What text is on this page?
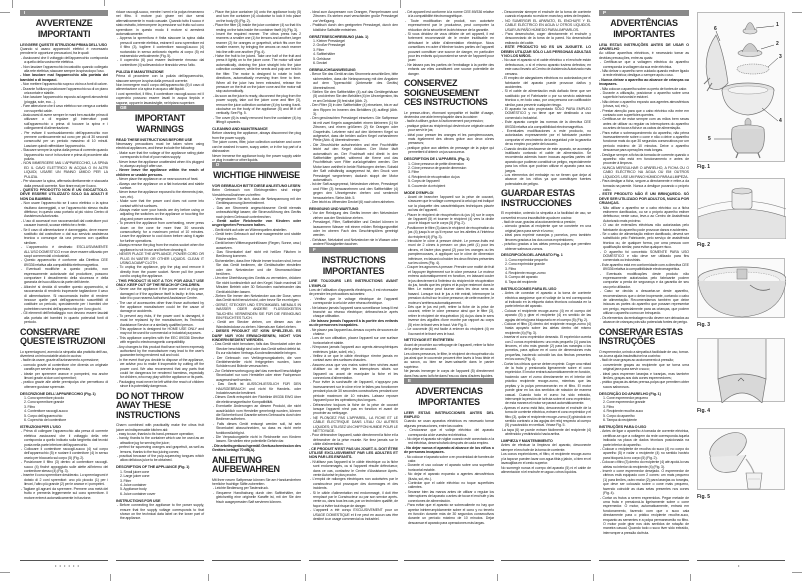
I
AVVERTENZE IMPORTANTI
LEGGERE QUESTE ISTRUZIONI PRIMA DELL'USO
Quando si usano apparecchi elettrici è necessario prendere le opportune precauzioni, fra le quali:
- Assicurarsi che il voltaggio dell'apparecchio corrisponda a quello della vostra rete elettrica.
- Non lasciare l'apparecchio incustodito quando collegato alla rete elettrica; staccare sempre la spina dopo l'uso.
- Non lasciare mai l'apparecchio alla portata dei bambini o di incapaci.
- Non mettere l'apparecchio sopra o vicino a fonti di calore.
- Durante l'utilizzo posizionare l'apparecchio su di un piano orizzontale e stabile.
- Non lasciare l'apparecchio esposto ad agenti atmosferici (pioggia, sole, ecc...).
- Fare attenzione che il cavo elettrico non venga a contatto con superfici calde.
- Assicurarsi di avere sempre le mani ben asciutte prima di utilizzare o di regolare gli interruttori posti sull'apparecchio o prima di toccare la spina e i collegamenti di alimentazione.
- Per evitare il surriscaldamento dell'apparecchio non premere continuamente sul cono per più di 30 secondi consecutivi per un periodo massimo di 10 minuti. Lasciare quindi raffreddare l'apparecchio.
- Staccare sempre la spina dalla presa di corrente quando l'apparecchio non è in funzione e prima di procedere alla pulizia.
- NON IMMERGERE MAI L'APPARECCHIO, LA SPINA ED IL CAVO ELETTRICO IN ACQUA O IN ALTRI LIQUIDI, USARE UN PANNO UMIDO PER LA PULIZIA.
- Per staccare la spina, afferrarla direttamente e staccarla dalla presa di corrente. Non tirare mai per il cavo.
- QUESTO PRODOTTO NON È UN GIOCATTOLO. DEVE ESSERE UTILIZZATO SOLO DA ADULTI E NON DA BAMBINI.
- Non usare l'apparecchio se il cavo elettrico o la spina risultano danneggiati, o se l'apparecchio stesso risulta difettoso; in questo caso portarlo al più vicino Centro di Assistenza Autorizzato.
- L'uso di accessori non raccomandati dal costruttore può causare incendi, scosse elettriche o ferite.
- Se il cavo di alimentazione è danneggiato, deve essere sostituito dal costruttore o dal suo servizio assistenza tecnica o comunque da una persona con qualifica similare.
- L'apparecchio è destinato ESCLUSIVAMENTE ALL'USO DOMESTICO e non deve essere utilizzato per scopi commerciali o industriali.
- Questo apparecchio è conforme alla Direttiva CEE 89/336 relativa alla compatibilità elettromagnetica.
- Eventuali modifiche a questo prodotto, non espressamente autorizzate dal produttore, possono comportare il decadimento della sicurezza e della garanzia del suo utilizzo da parte dell'utente.
- Allorché si decida di smaltire questo apparecchio, si raccomanda di renderlo inoperante tagliandone il cavo di alimentazione. Si raccomanda inoltre di rendere innocue quelle parti dell'apparecchio suscettibili di costituire un pericolo, specialmente per i bambini che potrebbero servirsi dell'apparecchio per i loro giochi.
- Gli elementi dell'imballaggio non devono essere lasciati alla portata dei bambini in quanto potenziali fonti di pericolo.
CONSERVARE QUESTE ISTRUZIONI
Lo spremiagrumi, avendo la simpatia alla praticità dell'uso, diventerà un irrinunciabile aiuto in cucina:
- facile da usare, grazie all'azionamento a pressione;
- comodo grazie al contenitore che diventa un originale caraffa per servire la spremuta;
- ideale per spremere arance e pompelmi, ma anche limoni grazie ai due coni spremitori;
- pratico grazie alle alette premipolpa che permettono di ottenere gustose spremute.
DESCRIZIONE DELL'APPARECCHIO (Fig. 1)
1. Cono spremitore piccolo
2. Cono spremitore grande
3. Filtro
4. Contenitore raccogli-succo
5. Corpo dell'apparecchio
6. Coperchio del contenitore
ISTRUZIONI PER L'USO
- Prima di collegare l'apparecchio alla presa di corrente elettrica assicurarsi che il voltaggio della rete corrisponda a quello indicato sulla targhetta dati tecnici posta nella parte inferiore dell'apparecchio.
- Collocare il contenitore raccogli-succo (4) sul corpo dell'apparecchio (5) e ruotare il contenitore (4) in senso orario per bloccarlo sul corpo (5) (Fig. 2).
- Posizionare il filtro (3) dentro al contenitore raccogli-succo (4) finché appoggiato sulle alette all'interno del contenitore stesso (4) (Fig. 3).
- Inserire il cono spremitore desiderato. Lo spremiagrumi è dotato di 2 coni spremitori: uno più piccolo (1) per i limoni, l'altro più grande (2) per le arance e i pompelmi.
- Tagliare gli agrumi da spremere. Premere una metà del frutto e premerla leggermente sul cono spremitore. Il motore entrerà automaticamente in funzione.
riduce raccogli-succo, mentre i semi e la polpa rimarranno nel filtro. Il motore può girare nei due sensi alternativamente in modo casuale. Quando tutto il succo è stato estratto, interrompere la pressione sul frutto sul cono spremitore: in questo modo il motore si arresterà automaticamente.
- Appena la spremitura è finita staccare la spina dalla presa di corrente elettrica, estrarre il cono spremitore ed il filtro (3), togliere il contenitore raccogli-succo (4) ruotandolo in senso antiorario rispetto al corpo (5) ed estraendolo verticalmente (Fig. 5).
- Il coperchio (6) può essere facilmente rimosso dal contenitore (4) sollevandolo e tirandolo verso l'alto.
PULIZIA E MANUTENZIONE
Prima di procedere con la pulizia dell'apparecchio, staccare sempre la spina dalla presa di corrente.
Non immergere mai il corpo dell'apparecchio (5) il cavo di alimentazione o la spina in acqua o altri liquidi.
I coni spremitori, il filtro, il contenitore raccogli-succo ed il coperchio possono essere lavati in acqua tiepida e sapone, oppure in lavastoviglie, nel ripiano superiore.
GB
IMPORTANT WARNINGS
READ THESE INSTRUCTIONS BEFORE USE
Necessary precautions must be taken when using electrical appliances, and these include the following:
- Make sure that the voltage of the appliance rating plate corresponds to that of your mains supply.
- Never leave the appliance unattended when it is plugged in; always unplug it after use.
- Never leave the appliance within the reach of children or unable persons.
- Never place the appliance on or near sources of heat.
- Always use the appliance on a flat horizontal and stable surface.
- Never leave the appliance exposed to the elements (rain, sun, etc).
- Make sure that the power cord does not come into contact with hot surfaces.
- Always make sure your hands are dry before using or adjusting the switches on the appliance or touching the plug and power connections.
- To prevent the appliance from overheating, never press down on the cone for more than 30 seconds consecutively, for a maximum period of 10 minutes. Leave the appliance to cool down before using it again for further operations.
- Always remove the plug from the mains socket when the appliance is not in use and before cleaning it.
- NEVER PLACE THE APPLIANCE, POWER CORD OR PLUG IN WATER OR OTHER LIQUIDS. CLEAN IT USING A DAMP CLOTH.
- To unplug the appliance, grip the plug and remove it directly from the power socket. Never pull the power cord to unplug the appliance.
- THIS PRODUCT IS NOT A TOY. FOR ADULT USE ONLY. KEEP OUT OF THE REACH OF CHILDREN.
- Never use the appliance if the power cord or plug are damaged or if the appliance itself is faulty: in this case, take it to your nearest Authorised Assistance Centre.
- The use of accessories other than those authorised by the appliance manufacturer could be the cause of damage or accidents.
- To prevent any risks, if the power cord is damaged, it must be replaced by the manufacturer, its Technical Assistance Service or a similarly qualified person.
- This appliance is designed for HOME USE ONLY and may not be used for commercial or industrial purposes.
- This appliance complies with the EEC 89/336 Directive with regard to electromagnetic compatibility.
- Any changes to this product that have not been expressly authorised by the manufacturer may lead to the user's guarantee being rendered null and void.
- In the event that you decide to dispose of the appliance, we advise you to make it inoperable by cutting off the power cord. We also recommend that any parts that could be dangerous be rendered harmless, especially for children, who may play with the appliance or its parts.
- Packaging must never be left within the reach of children since it is potentially dangerous.
DO NOT THROW AWAY THESE INSTRUCTIONS
Charm combined with practicality make the citrus fruit juicer an indispensable kitchen aid:
- easy to use, thanks to its hand-pressure operation;
- handy, thanks to the container which can be used as an attractive jug for serving the juice;
- perfect for squeezing oranges and grapefruit, as well as lemons, thanks to the two juicing cones;
- practical because of the pulp-squeezing tongues which allow delicious juice to be obtained.
DESCRIPTION OF THE APPLIANCE (Fig. 1)
1. Small juicer cone
2. Large juicer cone
3. Filter
4. Juice container
5. Appliance body
6. Juice container cover
INSTRUCTIONS FOR USE
- Before connecting the appliance to the power supply, ensure that the supply voltage corresponds to that shown on the technical data label on the lower part of the appliance.
- Place the juice container (4) onto the appliance body (5) and turn the container (4) clockwise to lock it into place on the body (5) (Fig. 2).
- Place the filter (3) inside the juice container (4) so that it is resting on the tabs inside the container itself (4) (Fig. 3).
- Insert the required reamer. The citrus press has 2 reamers: a smaller one (1) for lemons and another, larger reamer (2) for oranges or grapefruit, which fits over the smaller reamer, by bringing the arrows on each reamer into line with one another (Fig. 4).
- Halve the fruit to be juiced. Take one half of the fruit and press it lightly on to the juicer cone. The motor will start automatically, draining the juice straight into the juice collection container, while the seeds and pulp are held in the filter. The motor is designed to rotate in both directions, automatically reversing from time to time. When all the juice has been extracted, release the pressure on the fruit on the juicer cone and the motor will stop automatically.
- As soon as the juice is ready, disconnect the plug from the power supply, take out the juicer cone and filter (3), remove the juice collection container (4) by turning it anti-clockwise on the body of the appliance (5) and lift it off vertically. See Fig. 5.
- The cover (6) is easily removed from the container (4) by lifting it upwards.
CLEANING AND MAINTENANCE
Before cleaning the appliance, always disconnect the plug from the power supply.
The juicer cones, filter, juice collection container and cover can be washed in warm, soapy water, or in the top part of a dishwasher.
Never immerse the appliance body, the power supply cable or plug in water or other liquids.
D
WICHTIGE HINWEISE
VOR GEBRAUCH BITTE DIESE ANLEITUNG LESEN
Beim Gebrauch von Elektrogeräten sind einige Vorsichtsmaßnahmen zu treffen:
- Vergewissern Sie sich, dass die Netzspannung mit der Gerätespannung übereinstimmt.
- Das am Stromnetz angeschlossene Gerät niemals unbeaufsichtigt lassen; die Stromzuführung des Geräts nach jedem Gebrauch unterbrechen.
- Gerät außer Reichweite von Kindern oder ungeeigneten Personen halten.
- Gerät nicht auf oder an Wärmequellen abstellen.
- Gerät beim Gebrauch auf eine waagerechte und stabile Fläche stellen.
- Gerät keinen Witterungseinflüssen (Regen, Sonne, usw.) aussetzen.
- Das Stromkabel darf nicht mit heißen Flächen in Berührung kommen.
- Sicherstellen, dass Ihre Hände immer trocken sind, bevor Sie das Gerät bedienen, die Gerätschalter einstellen oder den Netzstecker und die Stromanschlüsse berühren.
- Um eine Überhitzung des Geräts zu vermeiden, drücken Sie nicht kontinuierlich auf den Kegel. Nach maximal 10 Minuten Betrieb oder 30 Sekunden nacheinander das Gerät abkühlen lassen.
- Ziehen Sie immer den Netzstecker aus der Dose, wenn das Gerät nicht benutzt wird, oder bevor Sie es reinigen.
- GERÄT, STECKER UND STROMKABEL NIEMALS IN WASSER ODER ANDERE FLÜSSIGKEITEN TAUCHEN. VERWENDEN SIE FÜR DIE REINIGUNG EIN FEUCHTES TUCH.
- Gerät am Stecker ziehen, um diesen aus der Wandsteckdose zu ziehen. Niemals am Kabel ziehen.
- DIESES PRODUKT IST KEIN SPIELZEUG. ES DARF NUR VON ERWACHSENEN, NICHT VON KINDERN BEDIENT WERDEN.
- Das Gerät nicht benutzen, falls das Stromkabel oder der Stecker beschädigt sind oder das Gerät selbst defekt ist. Es zur nächsten Vertrags-Kundendienststelle bringen.
- Der Gebrauch von Verlängerungskabeln, die vom Gerätehersteller nicht freigegeben wurden, kann Schäden und Brände verursachen.
- Zur Gefahrenvorbeugung darf das eventuell beschädigte Stromkabel nur vom Hersteller oder einer Fachperson ausgewechselt werden.
- Das Gerät ist AUSSCHLIESSLICH FÜR DEN HAUSGEBRAUCH und nicht für Handels- oder Industriezwecke bestimmt.
- Dieses Gerät entspricht der Richtlinie 89/336 EWG über die elektromagnetische Kompatibilität.
- Eventuelle Änderungen an diesem Produkt, die nicht ausdrücklich vom Hersteller genehmigt wurden, können die Sicherheit und Garantie seines Gebrauchs durch den Bediener aufheben.
- Falls dieses Gerät entsorgt werden soll, ist sein Stromkabel abzuschneiden, so dass es nicht mehr funktionstüchtig ist.
- Die Verpackungsteile nicht in Reichweite von Kindern lassen. Sie stellen eine potentielle Gefahr dar.
- Die arbeitsgeräuschgemäß Geräuschemission des Gerätes beträgt 70 dB(A).
ANLEITUNG AUFBEWAHREN
Mit Ihrer neuen Saftpresse können Sie am Handumdrehen herrliche fruchtige Säfte zubereiten.
- Leichte Bedienung per Tastendruck.
- Bequeme Handhabung durch den Saftbehälter, der gleichzeitig eine originelle Karaffe ist, mit der Sie den frisch ausgepressten Saft servieren können.
- Ideal zum Auspressen von Orangen, Pampelmusen und Zitronen. Es stehen zwei verschieden große Presskegel zur Verfügung.
- Praktisch durch den geeigneten Presskegel, durch den köstliche Saftsäfte entstehen.
GERÄTEBESCHREIBUNG (Abb. 1)
1. Kleiner Presskegel
2. Großer Presskegel
3. Filter
4. Saftbehälter
5. Gehäuse
6. Deckel
GEBRAUCHSANWEISUNG
- Bevor Sie das Gerät an das Stromnetz anschließen, bitte sicherstellen, dass die Netzspannung mit den Angaben auf dem Typenschild (Unterseite des Geräts) übereinstimmt.
- Stellen Sie den Saftbehälter (4) auf das Gerätegehäuse (5) und drehen Sie den Behälter (4) im Uhrzeigersinn, bis er am Gehäuse (5) fest sitzt (Abb. 2).
- Den Filter (3) in den Saftbehälter (4) einsetzen, bis er auf den Rippen im Inneren des Behälters (4) aufliegt (Abb. 3).
- Den gewünschten Presskegel einsetzen. Die Saftpresse ist mit zwei Kegeln ausgestattet: einem kleineren (1) für Zitronen, und einem größeren (2) für Orangen oder Grapefruits. Letzterer wird auf den kleineren Kegel so aufgesetzt, dass die beiden außen Kegel vorhandenen Pfeile (Abb. 4) übereinstimmen.
- Die Zitrusfrüchte aufschneiden und eine Fruchthälfte leicht auf den Kegel drücken. Der Motor läuft automatisch an. Der Fruchtsaft wird direkt in den Saftbehälter geleitet, während die Kerne und das Fruchtfleisch vom Filter zurückgehalten werden. Der Motor kann wahlfrei in beide Richtungen drehen. Sobald der Saft vollständig ausgepresst ist, den Druck vom Presskegel wegnehmen; dadurch stoppt der Motor automatisch.
- Ist der Saft ausgepresst, Netzstecker ziehen, Presskegel und Filter (3) herausnehmen und den Saftbehälter (4) gegen den Uhrzeigersinn drehen und senkrecht herausziehen. Siehe Abb. 5.
- Den leicht zu öffnenden Deckel (6) nach oben abheben.
REINIGUNG UND WARTUNG
- Vor der Reinigung des Geräts immer den Netzstecker ziehen aus der Steckdose ziehen.
- Presskegel, Filter, Saftbehälter und Deckel können in lauwarmem Wasser mit einem milden Reinigungsmittel oder im oberen Fach des Geschirrspülers gereinigt werden.
- Gehäuse, Netzkabel und Netzstecker nie in Wasser oder andere Flüssigkeiten tauchen.
F
INSTRUCTIONS IMPORTANTES
LIRE TOUJOURS LES INSTRUCTIONS AVANT L'EMPLOI
Lors de l'utilisation d'appareils électriques, il est nécessaire de prendre les précautions suivantes:
- Vérifiez que le voltage électrique de l'appareil corresponde à celui de votre réseau électrique.
- Ne laissez jamais l'appareil sans surveillance lorsqu'il est branché au réseau électrique; débranchez-le après chaque utilisation.
- Ne laissez jamais l'appareil à la portée des enfants ou de personnes incapables.
- Ne placez pas l'appareil au-dessus ou près de sources de chaleur.
- Lors de son utilisation, placez l'appareil sur une surface horizontale et stable.
- N'exposez jamais l'appareil aux agents atmosphériques extérieurs (pluie, soleil, etc.).
- Veillez à ce que le câble électrique n'entre jamais en contact avec des surfaces chaudes.
- Assurez-vous que vos mains soient bien sèches avant d'utiliser ou de régler les interrupteurs situés sur l'appareil ou avant de manipuler la fiche et les connexions d'alimentation.
- Pour éviter la surchauffe de l'appareil, n'appuyez pas incessamment sur le cône et ne le faites pas fonctionner pendant plus de 30 secondes consécutives pendant une période maximum de 10 minutes. Laissez reposer l'appareil pour les opérations plus longues.
- Débranchez toujours la fiche de la prise de courant lorsque l'appareil n'est pas en fonction et avant de procéder au nettoyage.
- NE PLONGEZ PAS L'APPAREIL, LA FICHE ET LE CÂBLE ÉLECTRIQUE DANS L'EAU OU AUTRES LIQUIDES; UTILISEZ UN CHIFFON HUMIDE POUR LE NETTOYAGE.
- Pour débrancher l'appareil, saisir directement la fiche et la débrancher de la prise murale. Ne tirez jamais sur le câble d'alimentation.
- CE PRODUIT N'EST PAS UN JOUET. IL DOIT ÊTRE UTILISÉ EXCLUSIVEMENT PAR LES ADULTES ET NON PAR LES ENFANTS.
- N'utilisez pas l'appareil si le câble électrique ou la fiche sont endommagés, ou si l'appareil résulte défectueux; dans ce cas, contactez le Centre d'Assistance Après-vente Autorisé le plus proche.
- L'emploi de rallonges électriques non autorisées par le constructeur peut provoquer des dommages et des incidents.
- Si le câble d'alimentation est endommagé, il doit être remplacé par le Constructeur ou par son service après-vente ou, dans tous les cas, par un technicien qualifié, de façon à éviter tout risque de danger.
- L'appareil a été conçu EXCLUSIVEMENT pour un USAGE DOMESTIQUE et il ne peut en aucun cas être destiné à un usage commercial ou industriel.
- Cet appareil est conforme à la norme CEE 89/336 relative à la compatibilité électromagnétique.
- Toute modification de produit, non autorisée expressément par le producteur, peut comporter la réduction de la sécurité et la déchéance de la garantie.
- Si vous décidez de vous défaire de cet appareil, il est fortement recommandé de le rendre inutilisable en détruisant le câble d'alimentation électrique. Nous conseillons en outre d'éliminer toutes parties de l'appareil pouvant constituer une source de danger, en particulier pour les enfants qui pourraient se servir de l'appareil pour jouer.
- Ne laissez pas les parties de l'emballage à la portée des enfants car elles constituent une source potentielle de danger.
CONSERVEZ SOIGNEUSEMENT CES INSTRUCTIONS
Le presse-citron, étonnant sympathie et facilité d'usage, deviendra une aide irremplaçable dans la cuisine:
- facile à utiliser, grâce à l'actionnement par pression;
- pratique grâce au récipient qui devient une originale carafe pour servir le jus;
- idéal pour presser les oranges et les pamplemousses, mais également des citrons grâce aux deux cônes presseurs;
- pratique grâce aux ailettes de pressage de la pulpe qui permettent d'obtenir un jus savoureux.
DESCRIPTION DE L'APPAREIL (Fig. 1)
1. Cône presseur de petite dimension
2. Cône presseur de grande dimension
3. Filtre
4. Récipient de récupération du jus
5. Corps de l'appareil
6. Couvercle du récipient
MODE D'EMPLOI
- Avant de brancher l'appareil sur la prise de courant, s'assurer que le voltage correspond à celui qui est indiqué sur la plaquette des caractéristiques techniques placée au bas de l'appareil.
- Placer le récipient de récupération du jus (4) sur le corps de l'appareil (5) et tourner le récipient (4) vers la droite pour le bloquer sur le corps (5) (Fig. 2).
- Positionner le filtre (3) dans le récipient de récupération du jus (4) jusqu'à ce qu'il repose sur les ailettes à l'intérieur du récipient (4) (Fig. 3).
- Introduire le cône à presser désiré. Le presse-fruits est muni de 2 cônes à presser: un plus petit (1) pour les citrons, et l'autre plus grand (2) pour les oranges ou les pamplemousses, à appliquer sur le cône de dimension inférieure, en faisant coïncider les deux flèches présentes sur les cônes (Fig. 4).
- Couper les agrumes à presser. Prendre une moitié de fruit et l'appuyer légèrement sur le cône presseur. Le moteur entrera automatiquement en fonction, en laissant couler le jus directement à l'intérieur du récipient de récupération du jus, tandis que les pépins et la pulpe resteront dans le filtre. Le moteur peut tourner dans les deux sens au hasard. Lorsque tout le jus a été extrait, interrompre la pression du fruit sur le cône presseur; de cette manière, le moteur s'arrêtera automatiquement.
- Dès que le jus est prêt, retirer la fiche de la prise de courant, retirer le cône presseur ainsi que le filtre (3), retirer le récipient de récupération (4) du jus dans le sens inverse des aiguilles d'une montre par rapport au corps (5) et en le tirant vers le haut. Voir Fig. 5.
- Le couvercle (6) est facile à enlever du récipient (4) en l'ouvrant et le tirant vers le haut.
NETTOYAGE ET ENTRETIEN
Avant de procéder au nettoyage de l'appareil, retirer la fiche de la prise de courant.
Les cônes presseurs, le filtre, le récipient de récupération du jus ainsi que le couvercle peuvent être lavés à l'eau tiède et au savon, ou bien se laver-vaisselle dans le panier supérieur.
Ne jamais immerger le corps de l'appareil (5) directement dans l'eau avec la fiche dans l'eau ou dans d'autres liquides.
E
ADVERTENCIAS IMPORTANTES
LEER ESTAS INSTRUCCIONES ANTES DEL EMPLEO
Cuando se usan aparatos eléctricos es necesario tomar algunas precauciones, entre las cuales:
- Cerciorarse que el voltaje eléctrico del aparato corresponda al de vuestra red eléctrica.
- No dejar el aparato sin vigilar cuando esté conectado a la red eléctrica, desenchufarlo después de cada empleo.
- No dejar nunca el aparato al alcance de los niños o de personas incapaces.
- No colocar el aparato sobre o en proximidad de fuentes de calor.
- Durante el uso colocar el aparato sobre una superficie horizontal estable.
- No dejar el aparato expuesto a agentes atmosféricos (lluvia, sol, etc.).
- Controlar que el cable eléctrico no toque superficies calientes.
- Secarse bien las manos antes de utilizar o regular los interruptores del aparato o antes de tocar el enchufe y las conexiones de alimentación.
- Para evitar que el aparato se sobrecaliente no hay que apretar ininterrumpidamente sobre el cono y no tenerlo en función durante más de 30 segundos consecutivos durante un período máximo de 10 minutos. Dejar descansar el aparato para operaciones más largas.
- Desconectar siempre el enchufe de la toma de corriente cuando el aparato no está en marcha y antes de limpiarlo.
- NO SUMERGIR EL APARATO, EL ENCHUFE Y EL CABLE ELÉCTRICO EN AGUA U OTROS LÍQUIDOS. USAR UN PAÑO HÚMEDO PARA LIMPIARLOS.
- Para desenchufar, coger directamente el enchufe y desconectarlo de la toma de la pared. No desenchufar estirando del cable.
- ESTE PRODUCTO NO ES UN JUGUETE. LO DEBEN UTILIZAR SÓLO LAS PERSONAS ADULTAS Y NO LOS NIÑOS.
- No usar el aparato si el cable eléctrico o el enchufe están defectuosos, o si el mismo aparato tuviera defectos; en este caso llevarlo al Centro de Asistencia Autorizado más cercano.
- El empleo de alargadores eléctricos no autorizados por el fabricante del aparato puede provocar daños y accidentes.
- Si el cable de alimentación está dañado tiene que ser sustituido por el Fabricante o por su servicio asistencia técnica o, en todo caso, por una persona con calificación similar, para prevenir cualquier riesgo.
- El aparato ha sido proyectado SÓLO PARA EMPLEO DOMÉSTICO y no tiene que ser destinado a uso comercial o industrial.
- Este aparato cumple las normas de la directiva CEE 89/336 relativa a la compatibilidad electromagnética.
- Eventuales modificaciones a este producto, no autorizadas expresamente por el fabricante pueden comportar el vencimiento de la seguridad y de la garantía de su empleo por parte del usuario.
- Cuando decida deshacerse de este aparato, se aconseja inutilizarlo cortando el cable de alimentación. Se recomienda además hacer inocuas aquellas partes del aparato que pudieran constituir un peligro, especialmente para los niños que podrían utilizar el aparato para sus juegos.
- Los elementos del embalaje no se tienen que dejar al alcance de los niños ya que constituyen fuentes potenciales de peligro.
GUARDAR ESTAS INSTRUCCIONES
El exprimidor, uniendo la simpatía a la facilidad de uso, se convertirá en una insustituible ayuda en cocina:
- fácil de usar, gracias al accionamiento a presión;
- cómodo gracias al recipiente que se convierte en una original jarra para servir el zumo;
- ideal para exprimir naranjas y pomelos, pero también limones gracias a los dos conos exprimidores;
- práctico gracias a las aletas prensa-pulpa que permiten obtener sabrosos zumos.
DESCRIPCIÓN DEL APARATO Fig. 1
1. Cono exprimidor pequeño
2. Cono exprimidor grande
3. Filtro
4. Recipiente recoge-zumo
5. Cuerpo del aparato
6. Tapa del recipiente
INSTRUCCIONES PARA EL USO
- Antes de conectar el aparato a la toma de corriente eléctrica asegúrese que el voltaje de la red corresponda al indicado en la etiqueta datos técnicos colocada en la parte inferior del aparato.
- Colocar el recipiente recoge-zumo (4) en el cuerpo del aparato (5) y girar el recipiente (4) en sentido de las agujas del reloj para bloquearlo en el cuerpo (5) (Fig. 2).
- Colocar el filtro (3) dentro del recipiente recoge-zumo (4) hasta apoyarlo sobre las aletas dentro del mismo recipiente (4) (Fig. 3).
- Insertar el cono exprimidor deseado. El exprimidor cuenta con 2 conos exprimidores: uno más pequeño (1) para los limones, el otro más grande (2) para las naranjas o los pomelos, para aplicar en el cono de dimensiones más pequeñas, haciendo coincidir las dos flechas presentes en los conos (Fig. 4).
- Cortar los cítricos que se deben exprimir. Coger una mitad de la fruta y presionarla ligeramente sobre el cono exprimidor. El motor entrará automáticamente en función, haciendo caer el zumo directamente en el interior del práctico recipiente recoge-zumo, mientras que las pepitas y la pulpa permanecerán en el filtro. El motor puede girar en los dos sentidos de rotación de manera casual. Cuando todo el zumo ha sido extraído, interrumpir la presión de la fruta sobre el cono exprimidor; de esta manera el motor se parará automáticamente.
- Apenas el zumo está listo, desconectar el enchufe de la toma de corriente eléctrica, extraer el cono exprimidor y el filtro (3), quitar el recipiente recoge-zumo (4) girándolo en sentido contrario a las agujas del reloj respecto al cuerpo (5) y sacándolo en vertical. Véase Fig. 5.
La tapa (6) se puede extraer fácilmente del recipiente (4) abriéndolo y estirándolo hacia arriba.
LIMPIEZA Y MANTENIMIENTO
Antes de efectuar la limpieza del aparato, desconecte siempre el enchufe de la toma de corriente.
Los conos exprimidores, el filtro, el recipiente recoge-zumo y la tapa se pueden lavar con agua tibia y jabón, o bien en el lavavajillas en el cesto superior.
No sumergir nunca el cuerpo del aparato (5) ni el cable de alimentación ni el enchufe en agua u otros líquidos.
P
ADVERTÊNCIAS IMPORTANTES
LEIA ESTAS INSTRUÇÕES ANTES DE USAR O APARELHO
Ao utilizar aparelhos eléctricos, é necessário tomar as devidas precauções, entre as quais:
- Certificar-se que a voltagem eléctrica do aparelho corresponda à voltagem da sua rede eléctrica.
- Não deixar o aparelho sem cuidado quando estiver ligado à rede eléctrica; desligue-o sempre após o uso.
- Nunca deixar o aparelho ao alcance de crianças ou incapazes.
- Não colocar o aparelho sobre ou perto de fontes de calor.
- Durante a utilização, posicionar o aparelho sobre uma superfície horizontal e estável.
- Não deixar o aparelho exposto aos agentes atmosféricos (chuva, sol, etc.).
- Prestar atenção para que o cabo eléctrico não entre em contacto com superfícies quentes.
- Certificar-se de estar sempre com as mãos bem secas antes de utilizar ou regular os interruptores do aparelho ou antes de tocar a ficha e os cabos de alimentação.
- Para evitar o sobreaquecimento do aparelho, não prima incessantemente sobre o cone e não o deixe o aparelho funcionar mais do que 30 segundos consecutivos por um período máximo de 10 minutos. Deixe o aparelho descansar para operações mais longas.
- Desligue sempre a ficha da tomada de corrente quando o aparelho não está em funcionamento e antes de proceder à limpeza.
- NUNCA MERGULHAR O APARELHO, A FICHA OU O CABO ELÉCTRICO NA ÁGUA OU EM OUTROS LÍQUIDOS. USE UM PANO HÚMIDO PARA A LIMPEZA.
- Para desligar a ficha, segure-a directamente e retire-a da tomada na parede. Nunca a desligue puxando o próprio cabo.
- ESTE PRODUTO NÃO É UM BRINQUEDO. SÓ DEVE SER UTILIZADO POR ADULTOS, NUNCA POR CRIANÇAS.
- Não utilizar o aparelho se o cabo eléctrico ou a ficha estiverem danificados, ou se o próprio aparelho estiver defeituoso; neste caso, leve-o ao Centro de Assistência Autorizado mais próximo.
- O uso de extensões eléctricas não autorizadas pelo fabricante do aparelho pode provocar danos e acidentes.
- Se o cabo de alimentação estiver danificado, deverá ser substituído pelo Fabricante, pelo serviço de assistência técnica ou, de qualquer forma, por uma pessoa com qualificação similar, para evitar qualquer risco.
- O aparelho foi concebido SOMENTE PARA USO DOMÉSTICO e não deve ser utilizado para fins comerciais ou industriais.
- Este aparelho está em conformidade com a directiva CEE 89/336 relativa à compatibilidade electromagnética.
- Eventuais modificações deste produto não expressamente autorizadas pelo fabricante podem comportar a perda de segurança e da garantia de seu uso pelo utilizador.
- Caso se decida a descartar-se deste aparelho, recomendamos que o deixe inoperante, cortando o cabo de alimentação. Recomendamos também que deixe inócuas as partes do aparelho que possam representar um perigo, especialmente para as crianças, que podem utilizar o aparelho como um brinquedo.
- Os elementos da embalagem não devem ser deixados ao alcance de crianças pois são potenciais fontes de perigo.
CONSERVAR ESTAS INSTRUÇÕES
O espremedor, unindo a simpatia à facilidade de uso, tornar-se-á uma ajuda insubstituível na cozinha:
- fácil de usar graças ao accionamento à pressão;
- conveniente graças ao recipiente que se torna uma original jarra para servir o suco;
- ideal para espremer laranjas e toranjas, mas também limões, graças aos dois cones espremedores;
- prático graças às aletas prensa-polpa que permitem obter sucos saborosos.
DESCRIÇÃO DO APARELHO (Fig. 1)
1. Cone espremedor pequeno
2. Cone espremedor grande
3. Filtro
4. Recipiente recolhe-suco
5. Corpo do aparelho
6. Tampa do recipiente
INSTRUÇÕES PARA O USO
- Antes de ligar o aparelho à tomada de corrente eléctrica, certificar-se que a voltagem da rede corresponda àquela indicada na placa de dados técnicos posicionada na parte inferior do aparelho.
- Colocar o recipiente de recolha do suco (4) no corpo do aparelho (5) e rodar o recipiente (4) no sentido horário para bloqueá-lo no corpo (5) (Fig. 2).
- Colocar o filtro (3) dentro do recipiente (4) até apoiá-lo nas aletas no interior do recipiente (4) (Fig. 3).
- Inserir o cone espremedor desejado. O espremedor de citrinos está equipado com 2 cones: um mais pequeno (1) para limões, outro maior (2) para laranjas ou toranjas, que deve ser colocado sobre o cone mais pequeno, fazendo coincidir as duas setas presentes nos cones (Fig. 4).
- Cortar os frutos a serem espremidos. Pegar metade de uma fruta e pressioná-la ligeiramente sobre o cone espremedor. O motor, automaticamente, entrará em funcionamento, fazendo com que o suco caia directamente para o prático recipiente recolhe-suco, enquanto as sementes e a polpa permanecerão no filtro. O motor pode girar nos dois sentidos de rotação de maneira casual. Quando todo o suco tiver sido extraído, interromper a pressão da fruta.
• • • • • •	•
1
2
3
4
5
6
Fig. 1
Fig. 2
Fig. 3
Fig. 4
Fig. 5
